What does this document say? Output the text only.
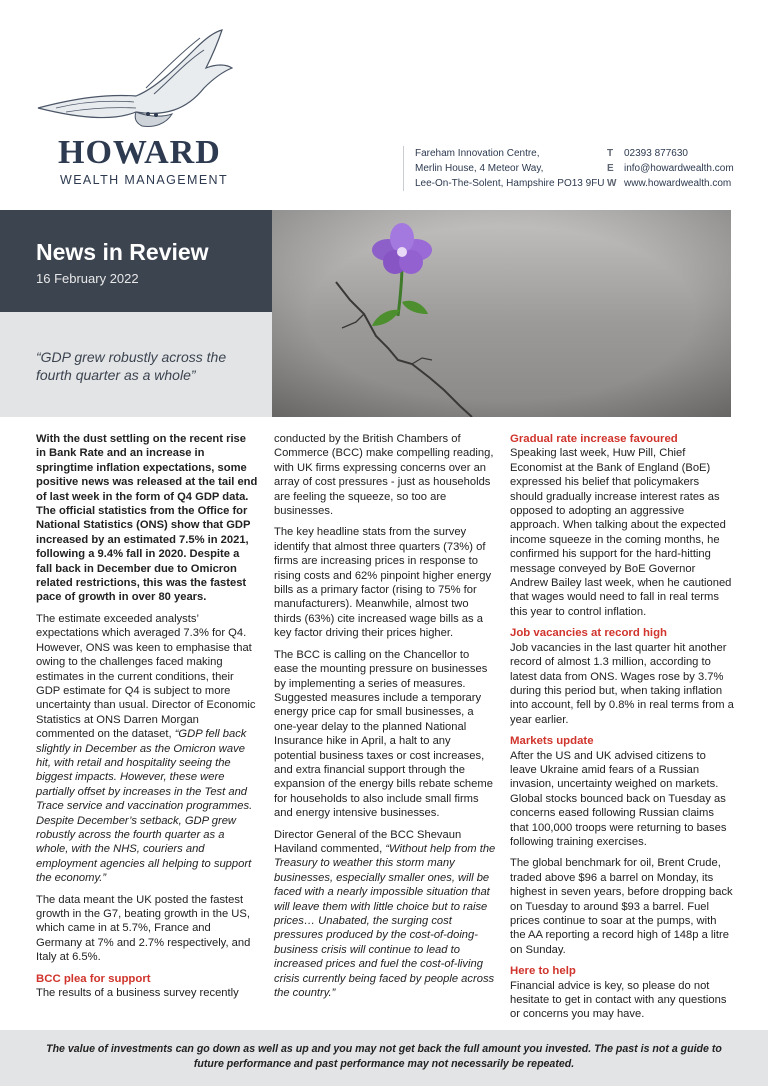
HOWARD
WEALTH MANAGEMENT
Fareham Innovation Centre,
Merlin House, 4 Meteor Way,
Lee-On-The-Solent, Hampshire PO13 9FU
T 02393 877630
E info@howardwealth.com
W www.howardwealth.com
News in Review
16 February 2022
“GDP grew robustly across the fourth quarter as a whole”

With the dust settling on the recent rise in Bank Rate and an increase in springtime inflation expectations, some positive news was released at the tail end of last week in the form of Q4 GDP data. The official statistics from the Office for National Statistics (ONS) show that GDP increased by an estimated 7.5% in 2021, following a 9.4% fall in 2020. Despite a fall back in December due to Omicron related restrictions, this was the fastest pace of growth in over 80 years.

The estimate exceeded analysts’ expectations which averaged 7.3% for Q4. However, ONS was keen to emphasise that owing to the challenges faced making estimates in the current conditions, their GDP estimate for Q4 is subject to more uncertainty than usual. Director of Economic Statistics at ONS Darren Morgan commented on the dataset, “GDP fell back slightly in December as the Omicron wave hit, with retail and hospitality seeing the biggest impacts. However, these were partially offset by increases in the Test and Trace service and vaccination programmes. Despite December’s setback, GDP grew robustly across the fourth quarter as a whole, with the NHS, couriers and employment agencies all helping to support the economy.”

The data meant the UK posted the fastest growth in the G7, beating growth in the US, which came in at 5.7%, France and Germany at 7% and 2.7% respectively, and Italy at 6.5%.

BCC plea for support

The results of a business survey recently

conducted by the British Chambers of Commerce (BCC) make compelling reading, with UK firms expressing concerns over an array of cost pressures - just as households are feeling the squeeze, so too are businesses.

The key headline stats from the survey identify that almost three quarters (73%) of firms are increasing prices in response to rising costs and 62% pinpoint higher energy bills as a primary factor (rising to 75% for manufacturers). Meanwhile, almost two thirds (63%) cite increased wage bills as a key factor driving their prices higher.

The BCC is calling on the Chancellor to ease the mounting pressure on businesses by implementing a series of measures. Suggested measures include a temporary energy price cap for small businesses, a one-year delay to the planned National Insurance hike in April, a halt to any potential business taxes or cost increases, and extra financial support through the expansion of the energy bills rebate scheme for households to also include small firms and energy intensive businesses.

Director General of the BCC Shevaun Haviland commented, “Without help from the Treasury to weather this storm many businesses, especially smaller ones, will be faced with a nearly impossible situation that will leave them with little choice but to raise prices… Unabated, the surging cost pressures produced by the cost-of-doing-business crisis will continue to lead to increased prices and fuel the cost-of-living crisis currently being faced by people across the country.”

Gradual rate increase favoured

Speaking last week, Huw Pill, Chief Economist at the Bank of England (BoE) expressed his belief that policymakers should gradually increase interest rates as opposed to adopting an aggressive approach. When talking about the expected income squeeze in the coming months, he confirmed his support for the hard-hitting message conveyed by BoE Governor Andrew Bailey last week, when he cautioned that wages would need to fall in real terms this year to control inflation.

Job vacancies at record high

Job vacancies in the last quarter hit another record of almost 1.3 million, according to latest data from ONS. Wages rose by 3.7% during this period but, when taking inflation into account, fell by 0.8% in real terms from a year earlier.

Markets update

After the US and UK advised citizens to leave Ukraine amid fears of a Russian invasion, uncertainty weighed on markets. Global stocks bounced back on Tuesday as concerns eased following Russian claims that 100,000 troops were returning to bases following training exercises.

The global benchmark for oil, Brent Crude, traded above $96 a barrel on Monday, its highest in seven years, before dropping back on Tuesday to around $93 a barrel. Fuel prices continue to soar at the pumps, with the AA reporting a record high of 148p a litre on Sunday.

Here to help

Financial advice is key, so please do not hesitate to get in contact with any questions or concerns you may have.

The value of investments can go down as well as up and you may not get back the full amount you invested. The past is not a guide to future performance and past performance may not necessarily be repeated.
